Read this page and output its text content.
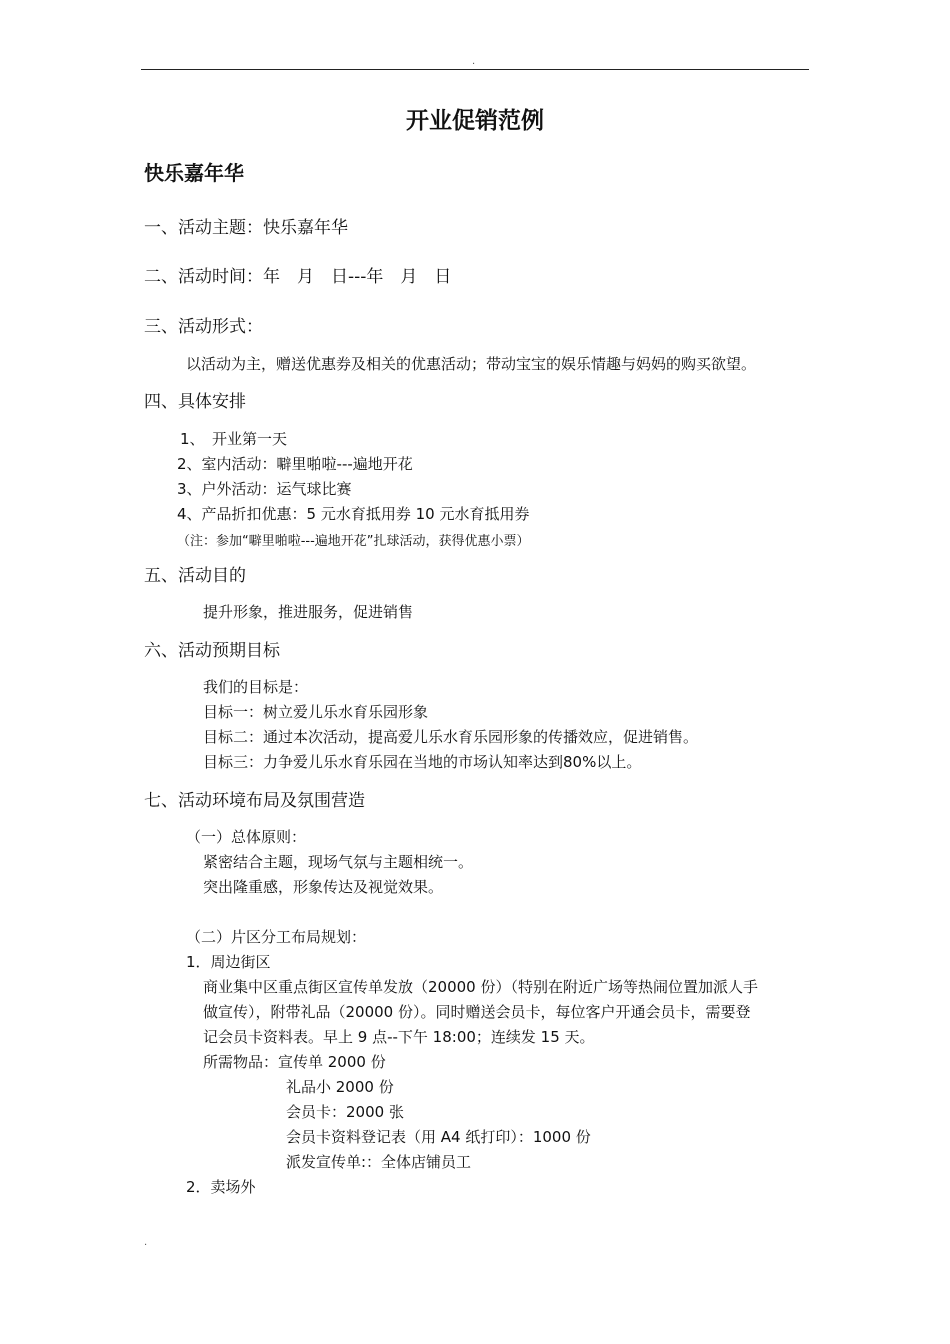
.
开业促销范例
快乐嘉年华
一、活动主题：快乐嘉年华
二、活动时间：年　月　日---年　月　日
三、活动形式：
以活动为主，赠送优惠券及相关的优惠活动；带动宝宝的娱乐情趣与妈妈的购买欲望。
四、具体安排
1、　开业第一天
2、室内活动：噼里啪啦---遍地开花
3、户外活动：运气球比赛
4、产品折扣优惠：5 元水育抵用券 10 元水育抵用券
（注：参加“噼里啪啦---遍地开花”扎球活动，获得优惠小票）
五、活动目的
提升形象，推进服务，促进销售
六、活动预期目标
我们的目标是：
目标一：树立爱儿乐水育乐园形象
目标二：通过本次活动，提高爱儿乐水育乐园形象的传播效应，促进销售。
目标三：力争爱儿乐水育乐园在当地的市场认知率达到80%以上。
七、活动环境布局及氛围营造
（一）总体原则：
紧密结合主题，现场气氛与主题相统一。
突出隆重感，形象传达及视觉效果。
（二）片区分工布局规划：
1．周边街区
商业集中区重点街区宣传单发放（20000 份）（特别在附近广场等热闹位置加派人手
做宣传），附带礼品（20000 份）。同时赠送会员卡，每位客户开通会员卡，需要登
记会员卡资料表。早上 9 点--下午 18:00；连续发 15 天。
所需物品：宣传单 2000 份
礼品小 2000 份
会员卡：2000 张
会员卡资料登记表（用 A4 纸打印）：1000 份
派发宣传单:：全体店铺员工
2．卖场外
.
